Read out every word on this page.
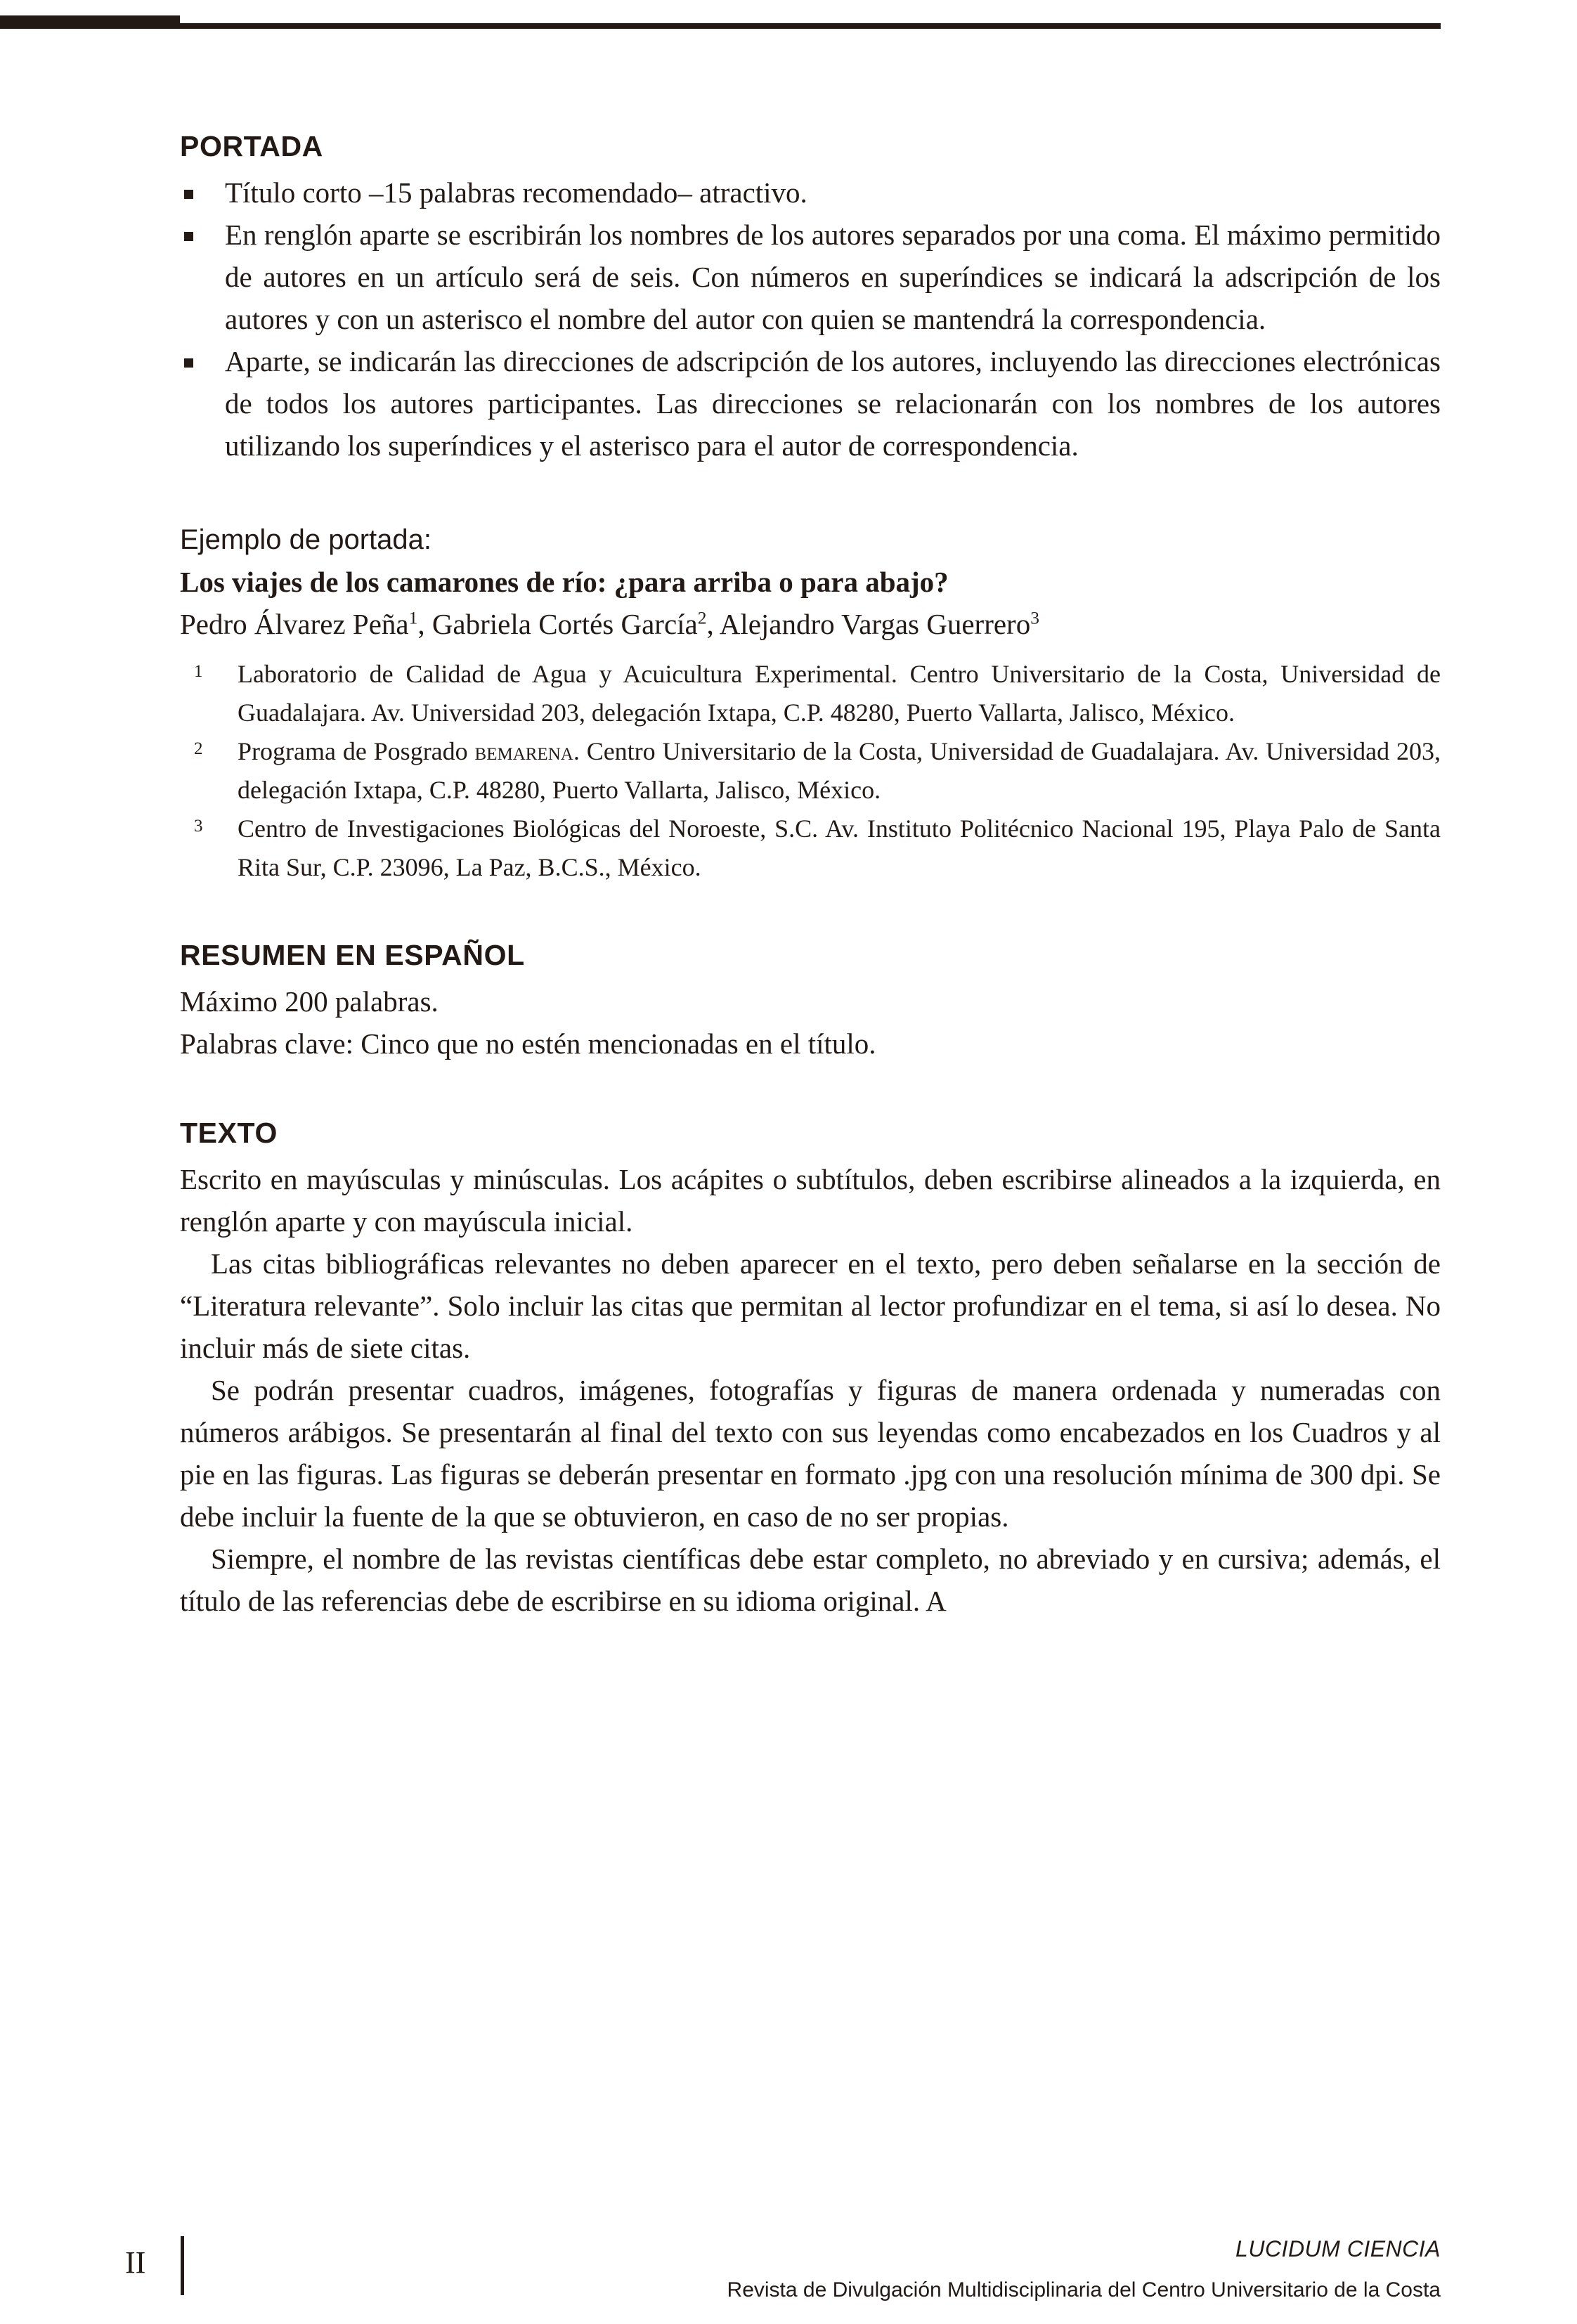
PORTADA
Título corto –15 palabras recomendado– atractivo.
En renglón aparte se escribirán los nombres de los autores separados por una coma. El máximo permitido de autores en un artículo será de seis. Con números en superíndices se indicará la adscripción de los autores y con un asterisco el nombre del autor con quien se mantendrá la correspondencia.
Aparte, se indicarán las direcciones de adscripción de los autores, incluyendo las direcciones electrónicas de todos los autores participantes. Las direcciones se relacionarán con los nombres de los autores utilizando los superíndices y el asterisco para el autor de correspondencia.

Ejemplo de portada:

Los viajes de los camarones de río: ¿para arriba o para abajo?

Pedro Álvarez Peña$^1$, Gabriela Cortés García$^2$, Alejandro Vargas Guerrero$^3$

1 Laboratorio de Calidad de Agua y Acuicultura Experimental. Centro Universitario de la Costa, Universidad de Guadalajara. Av. Universidad 203, delegación Ixtapa, C.P. 48280, Puerto Vallarta, Jalisco, México.
2 Programa de Posgrado bemarena. Centro Universitario de la Costa, Universidad de Guadalajara. Av. Universidad 203, delegación Ixtapa, C.P. 48280, Puerto Vallarta, Jalisco, México.
3 Centro de Investigaciones Biológicas del Noroeste, S.C. Av. Instituto Politécnico Nacional 195, Playa Palo de Santa Rita Sur, C.P. 23096, La Paz, B.C.S., México.
RESUMEN EN ESPAÑOL

Máximo 200 palabras.

Palabras clave: Cinco que no estén mencionadas en el título.

TEXTO

Escrito en mayúsculas y minúsculas. Los acápites o subtítulos, deben escribirse alineados a la izquierda, en renglón aparte y con mayúscula inicial.

Las citas bibliográficas relevantes no deben aparecer en el texto, pero deben señalarse en la sección de “Literatura relevante”. Solo incluir las citas que permitan al lector profundizar en el tema, si así lo desea. No incluir más de siete citas.

Se podrán presentar cuadros, imágenes, fotografías y figuras de manera ordenada y numeradas con números arábigos. Se presentarán al final del texto con sus leyendas como encabezados en los Cuadros y al pie en las figuras. Las figuras se deberán presentar en formato .jpg con una resolución mínima de 300 dpi. Se debe incluir la fuente de la que se obtuvieron, en caso de no ser propias.

Siempre, el nombre de las revistas científicas debe estar completo, no abreviado y en cursiva; además, el título de las referencias debe de escribirse en su idioma original. A

II	LUCIDUM CIENCIA
Revista de Divulgación Multidisciplinaria del Centro Universitario de la Costa
